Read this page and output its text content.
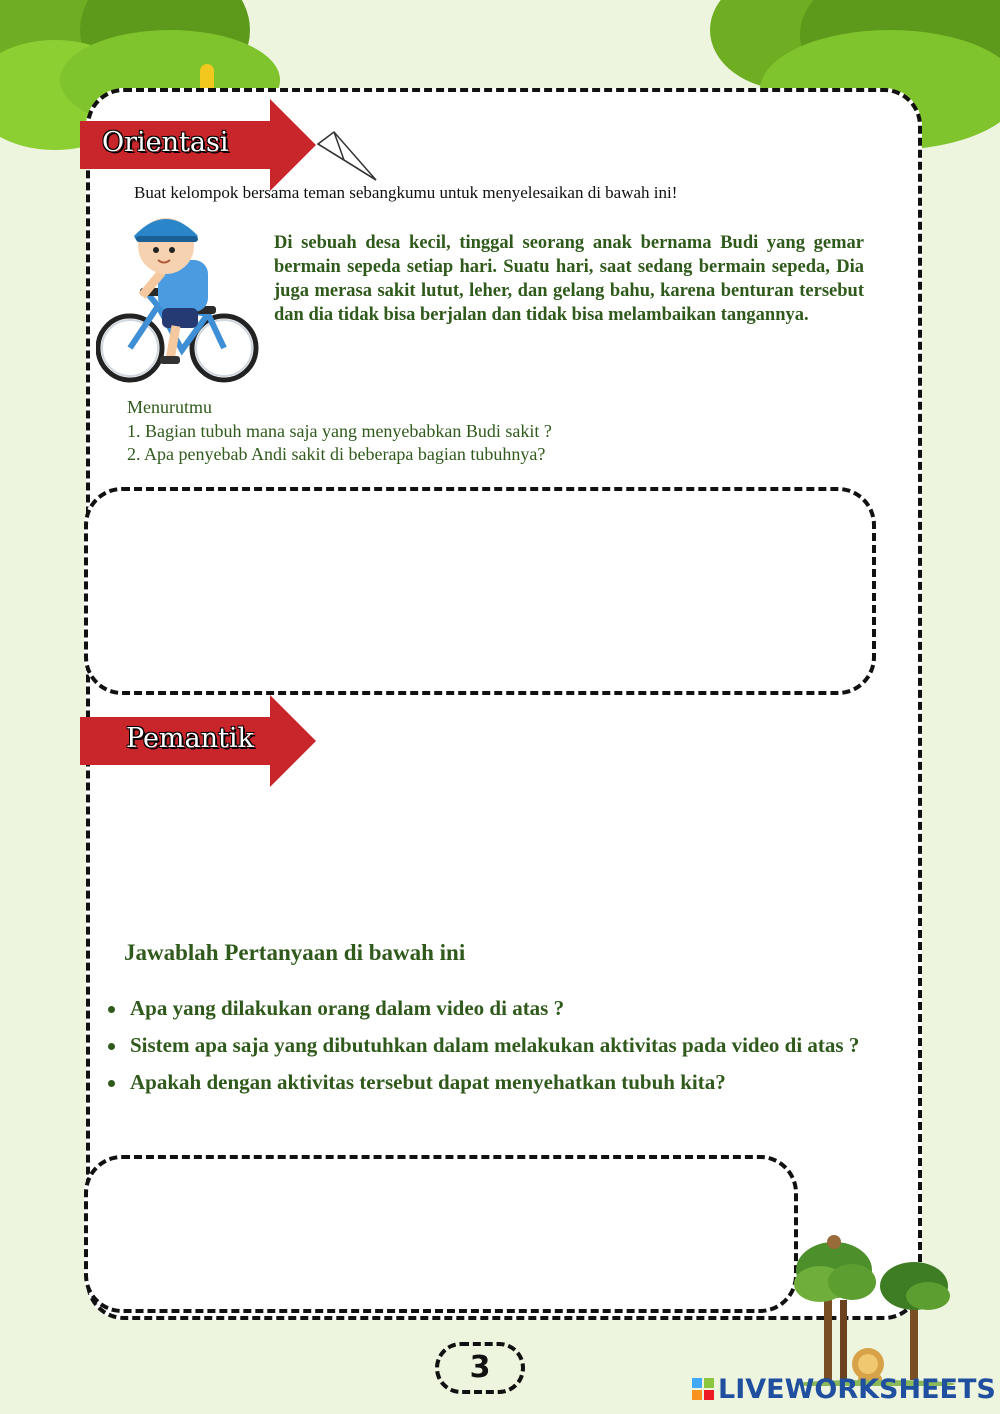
Orientasi

Buat kelompok bersama teman sebangkumu untuk menyelesaikan di bawah ini!

Di sebuah desa kecil, tinggal seorang anak bernama Budi yang gemar bermain sepeda setiap hari. Suatu hari, saat sedang bermain sepeda, Dia juga merasa sakit lutut, leher, dan gelang bahu, karena benturan tersebut dan dia tidak bisa berjalan dan tidak bisa melambaikan tangannya.

Menurutmu
1. Bagian tubuh mana saja yang menyebabkan Budi sakit ?
2. Apa penyebab Andi sakit di beberapa bagian tubuhnya?
Pemantik
Jawablah Pertanyaan di bawah ini
Apa yang dilakukan orang dalam video di atas ?
Sistem apa saja yang dibutuhkan dalam melakukan aktivitas pada video di atas ?
Apakah dengan aktivitas tersebut dapat menyehatkan tubuh kita?
3
LIVEWORKSHEETS
